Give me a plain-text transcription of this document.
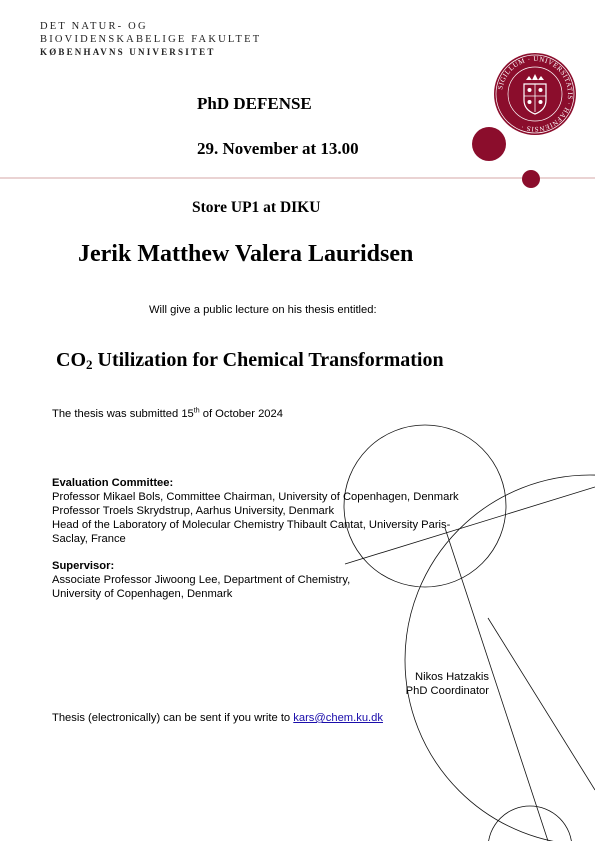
DET NATUR- OG
BIOVIDENSKABELIGE FAKULTET
KØBENHAVNS UNIVERSITET
SIGILLUM · UNIVERSITATIS · HAFNIENSIS ·
PhD DEFENSE
29. November at 13.00
Store UP1 at DIKU
Jerik Matthew Valera Lauridsen
Will give a public lecture on his thesis entitled:
$CO_2$ Utilization for Chemical Transformation
The thesis was submitted 15th of October 2024
Evaluation Committee:
Professor Mikael Bols, Committee Chairman, University of Copenhagen, Denmark
Professor Troels Skrydstrup, Aarhus University, Denmark
Head of the Laboratory of Molecular Chemistry Thibault Cantat, University Paris-
Saclay, France
Supervisor:
Associate Professor Jiwoong Lee, Department of Chemistry,
University of Copenhagen, Denmark
Nikos Hatzakis
PhD Coordinator
Thesis (electronically) can be sent if you write to kars@chem.ku.dk
